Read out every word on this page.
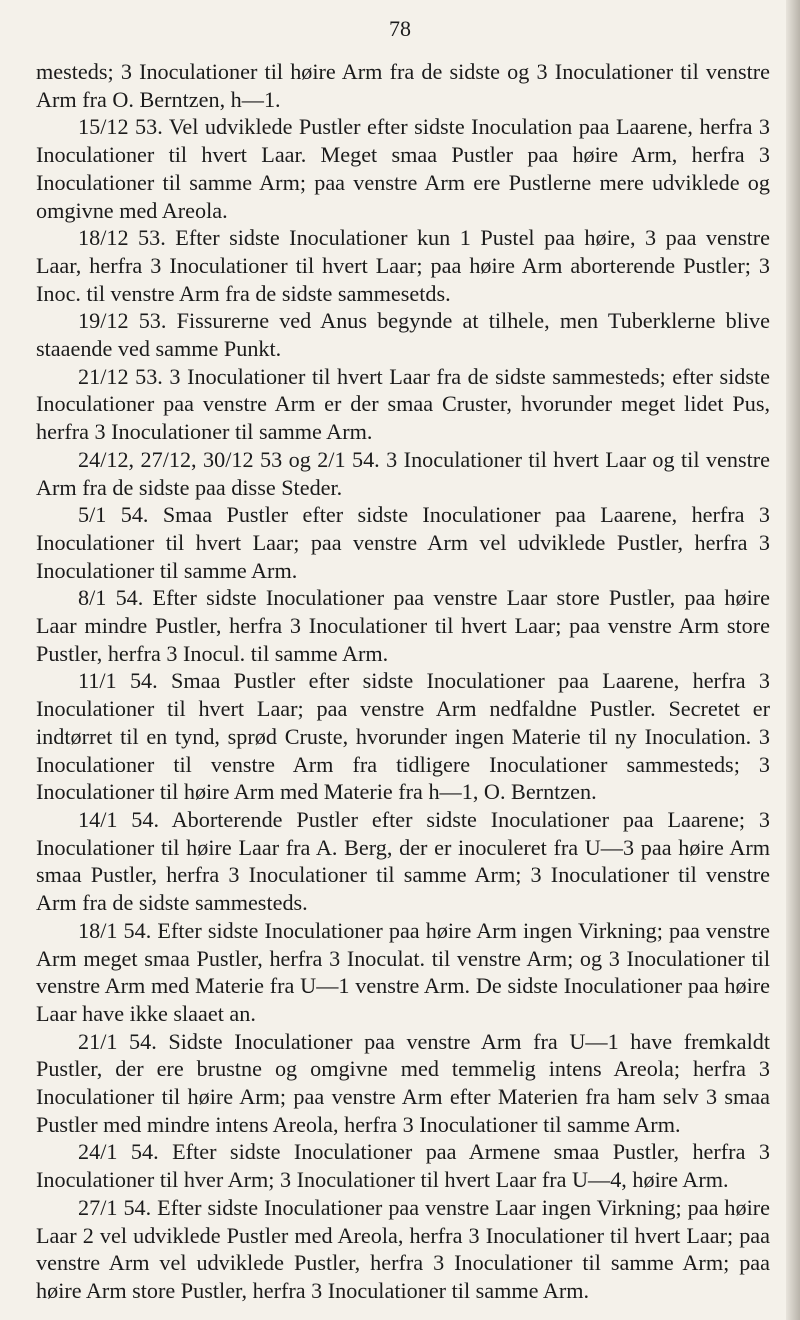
78

mesteds; 3 Inoculationer til høire Arm fra de sidste og 3 Inoculationer til venstre Arm fra O. Berntzen, h—1.

15/12 53. Vel udviklede Pustler efter sidste Inoculation paa Laarene, herfra 3 Inoculationer til hvert Laar. Meget smaa Pustler paa høire Arm, herfra 3 Inoculationer til samme Arm; paa venstre Arm ere Pustlerne mere udviklede og omgivne med Areola.

18/12 53. Efter sidste Inoculationer kun 1 Pustel paa høire, 3 paa venstre Laar, herfra 3 Inoculationer til hvert Laar; paa høire Arm aborterende Pustler; 3 Inoc. til venstre Arm fra de sidste sammesetds.

19/12 53. Fissurerne ved Anus begynde at tilhele, men Tuberklerne blive staaende ved samme Punkt.

21/12 53. 3 Inoculationer til hvert Laar fra de sidste sammesteds; efter sidste Inoculationer paa venstre Arm er der smaa Cruster, hvorunder meget lidet Pus, herfra 3 Inoculationer til samme Arm.

24/12, 27/12, 30/12 53 og 2/1 54. 3 Inoculationer til hvert Laar og til venstre Arm fra de sidste paa disse Steder.

5/1 54. Smaa Pustler efter sidste Inoculationer paa Laarene, herfra 3 Inoculationer til hvert Laar; paa venstre Arm vel udviklede Pustler, herfra 3 Inoculationer til samme Arm.

8/1 54. Efter sidste Inoculationer paa venstre Laar store Pustler, paa høire Laar mindre Pustler, herfra 3 Inoculationer til hvert Laar; paa venstre Arm store Pustler, herfra 3 Inocul. til samme Arm.

11/1 54. Smaa Pustler efter sidste Inoculationer paa Laarene, herfra 3 Inoculationer til hvert Laar; paa venstre Arm nedfaldne Pustler. Secretet er indtørret til en tynd, sprød Cruste, hvorunder ingen Materie til ny Inoculation. 3 Inoculationer til venstre Arm fra tidligere Inoculationer sammesteds; 3 Inoculationer til høire Arm med Materie fra h—1, O. Berntzen.

14/1 54. Aborterende Pustler efter sidste Inoculationer paa Laarene; 3 Inoculationer til høire Laar fra A. Berg, der er inoculeret fra U—3 paa høire Arm smaa Pustler, herfra 3 Inoculationer til samme Arm; 3 Inoculationer til venstre Arm fra de sidste sammesteds.

18/1 54. Efter sidste Inoculationer paa høire Arm ingen Virkning; paa venstre Arm meget smaa Pustler, herfra 3 Inoculat. til venstre Arm; og 3 Inoculationer til venstre Arm med Materie fra U—1 venstre Arm. De sidste Inoculationer paa høire Laar have ikke slaaet an.

21/1 54. Sidste Inoculationer paa venstre Arm fra U—1 have fremkaldt Pustler, der ere brustne og omgivne med temmelig intens Areola; herfra 3 Inoculationer til høire Arm; paa venstre Arm efter Materien fra ham selv 3 smaa Pustler med mindre intens Areola, herfra 3 Inoculationer til samme Arm.

24/1 54. Efter sidste Inoculationer paa Armene smaa Pustler, herfra 3 Inoculationer til hver Arm; 3 Inoculationer til hvert Laar fra U—4, høire Arm.

27/1 54. Efter sidste Inoculationer paa venstre Laar ingen Virkning; paa høire Laar 2 vel udviklede Pustler med Areola, herfra 3 Inoculationer til hvert Laar; paa venstre Arm vel udviklede Pustler, herfra 3 Inoculationer til samme Arm; paa høire Arm store Pustler, herfra 3 Inoculationer til samme Arm.
